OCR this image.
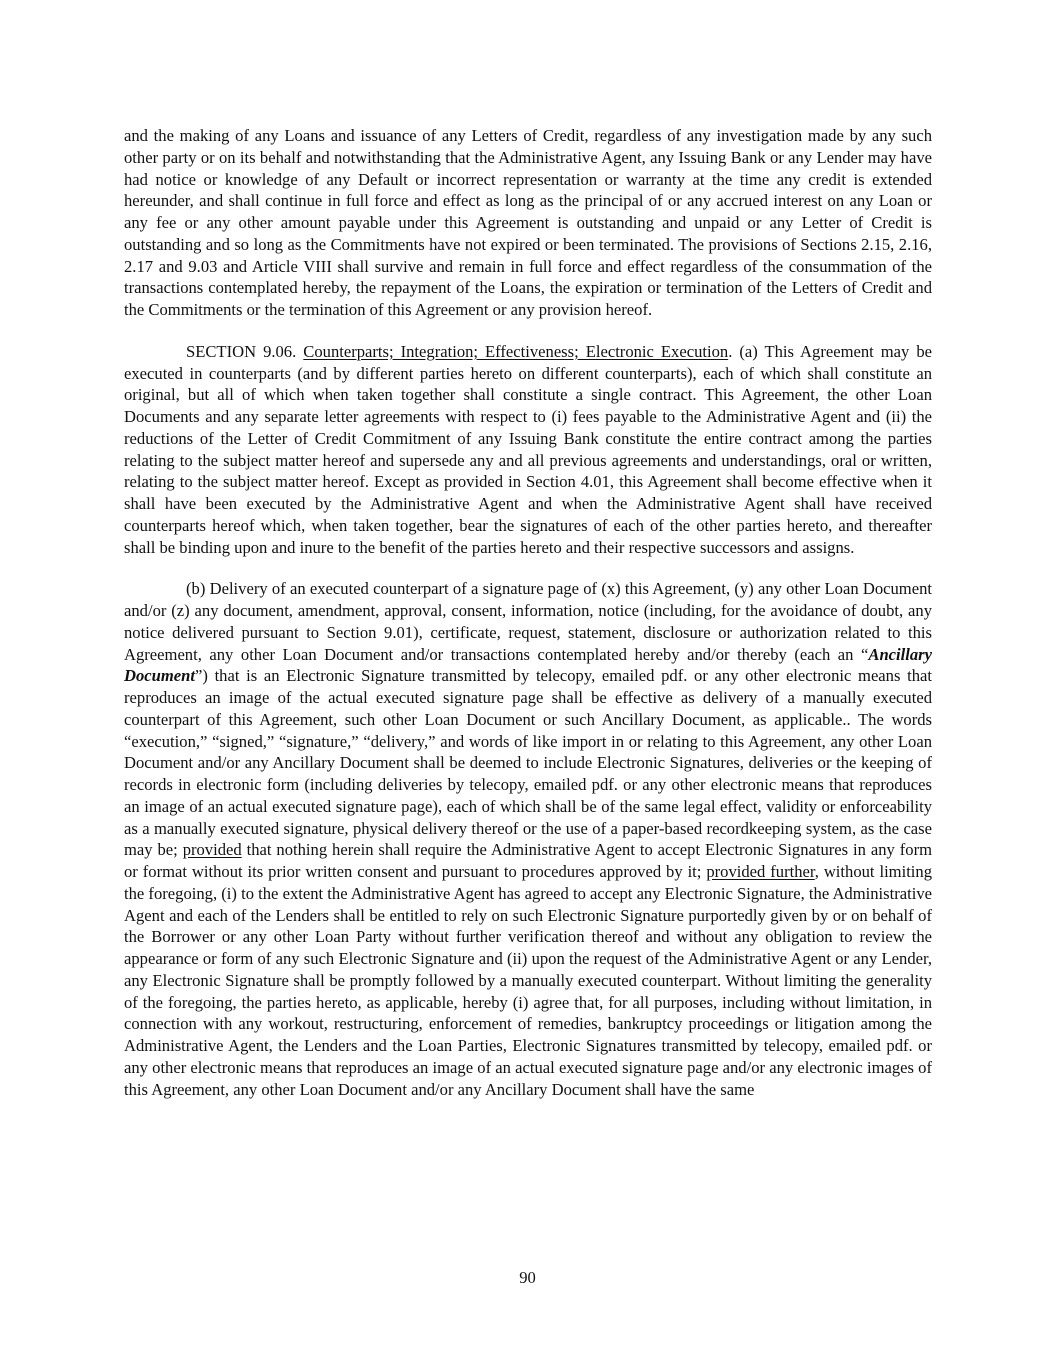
and the making of any Loans and issuance of any Letters of Credit, regardless of any investigation made by any such other party or on its behalf and notwithstanding that the Administrative Agent, any Issuing Bank or any Lender may have had notice or knowledge of any Default or incorrect representation or warranty at the time any credit is extended hereunder, and shall continue in full force and effect as long as the principal of or any accrued interest on any Loan or any fee or any other amount payable under this Agreement is outstanding and unpaid or any Letter of Credit is outstanding and so long as the Commitments have not expired or been terminated. The provisions of Sections 2.15, 2.16, 2.17 and 9.03 and Article VIII shall survive and remain in full force and effect regardless of the consummation of the transactions contemplated hereby, the repayment of the Loans, the expiration or termination of the Letters of Credit and the Commitments or the termination of this Agreement or any provision hereof.

SECTION 9.06. Counterparts; Integration; Effectiveness; Electronic Execution. (a) This Agreement may be executed in counterparts (and by different parties hereto on different counterparts), each of which shall constitute an original, but all of which when taken together shall constitute a single contract. This Agreement, the other Loan Documents and any separate letter agreements with respect to (i) fees payable to the Administrative Agent and (ii) the reductions of the Letter of Credit Commitment of any Issuing Bank constitute the entire contract among the parties relating to the subject matter hereof and supersede any and all previous agreements and understandings, oral or written, relating to the subject matter hereof. Except as provided in Section 4.01, this Agreement shall become effective when it shall have been executed by the Administrative Agent and when the Administrative Agent shall have received counterparts hereof which, when taken together, bear the signatures of each of the other parties hereto, and thereafter shall be binding upon and inure to the benefit of the parties hereto and their respective successors and assigns.

(b) Delivery of an executed counterpart of a signature page of (x) this Agreement, (y) any other Loan Document and/or (z) any document, amendment, approval, consent, information, notice (including, for the avoidance of doubt, any notice delivered pursuant to Section 9.01), certificate, request, statement, disclosure or authorization related to this Agreement, any other Loan Document and/or transactions contemplated hereby and/or thereby (each an “Ancillary Document”) that is an Electronic Signature transmitted by telecopy, emailed pdf. or any other electronic means that reproduces an image of the actual executed signature page shall be effective as delivery of a manually executed counterpart of this Agreement, such other Loan Document or such Ancillary Document, as applicable.. The words “execution,” “signed,” “signature,” “delivery,” and words of like import in or relating to this Agreement, any other Loan Document and/or any Ancillary Document shall be deemed to include Electronic Signatures, deliveries or the keeping of records in electronic form (including deliveries by telecopy, emailed pdf. or any other electronic means that reproduces an image of an actual executed signature page), each of which shall be of the same legal effect, validity or enforceability as a manually executed signature, physical delivery thereof or the use of a paper-based recordkeeping system, as the case may be; provided that nothing herein shall require the Administrative Agent to accept Electronic Signatures in any form or format without its prior written consent and pursuant to procedures approved by it; provided further, without limiting the foregoing, (i) to the extent the Administrative Agent has agreed to accept any Electronic Signature, the Administrative Agent and each of the Lenders shall be entitled to rely on such Electronic Signature purportedly given by or on behalf of the Borrower or any other Loan Party without further verification thereof and without any obligation to review the appearance or form of any such Electronic Signature and (ii) upon the request of the Administrative Agent or any Lender, any Electronic Signature shall be promptly followed by a manually executed counterpart. Without limiting the generality of the foregoing, the parties hereto, as applicable, hereby (i) agree that, for all purposes, including without limitation, in connection with any workout, restructuring, enforcement of remedies, bankruptcy proceedings or litigation among the Administrative Agent, the Lenders and the Loan Parties, Electronic Signatures transmitted by telecopy, emailed pdf. or any other electronic means that reproduces an image of an actual executed signature page and/or any electronic images of this Agreement, any other Loan Document and/or any Ancillary Document shall have the same

90
